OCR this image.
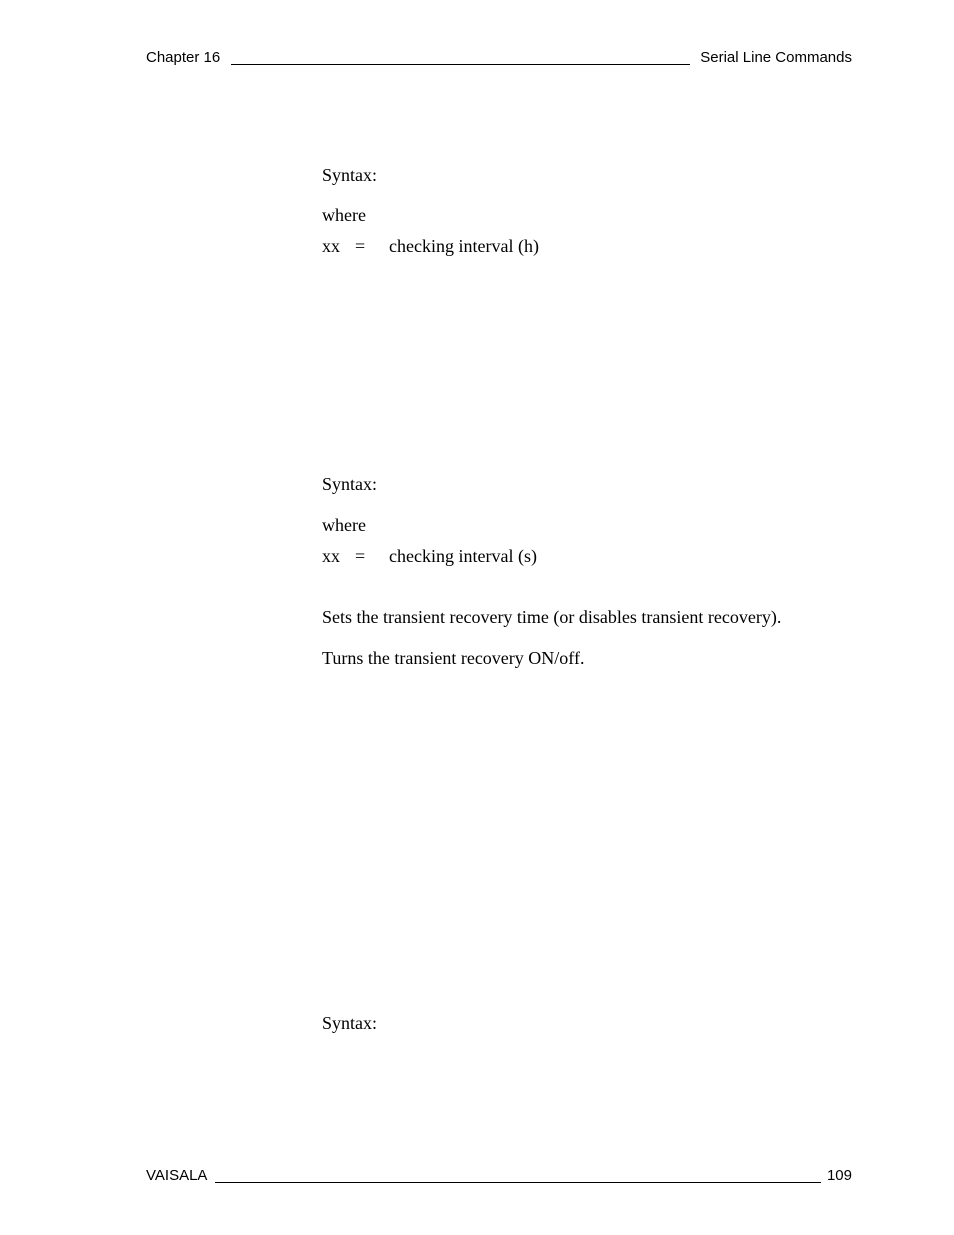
Chapter 16	Serial Line Commands
Syntax:
where
xx = checking interval (h)
Syntax:
where
xx = checking interval (s)
Sets the transient recovery time (or disables transient recovery).
Turns the transient recovery ON/off.
Syntax:
VAISALA	109
